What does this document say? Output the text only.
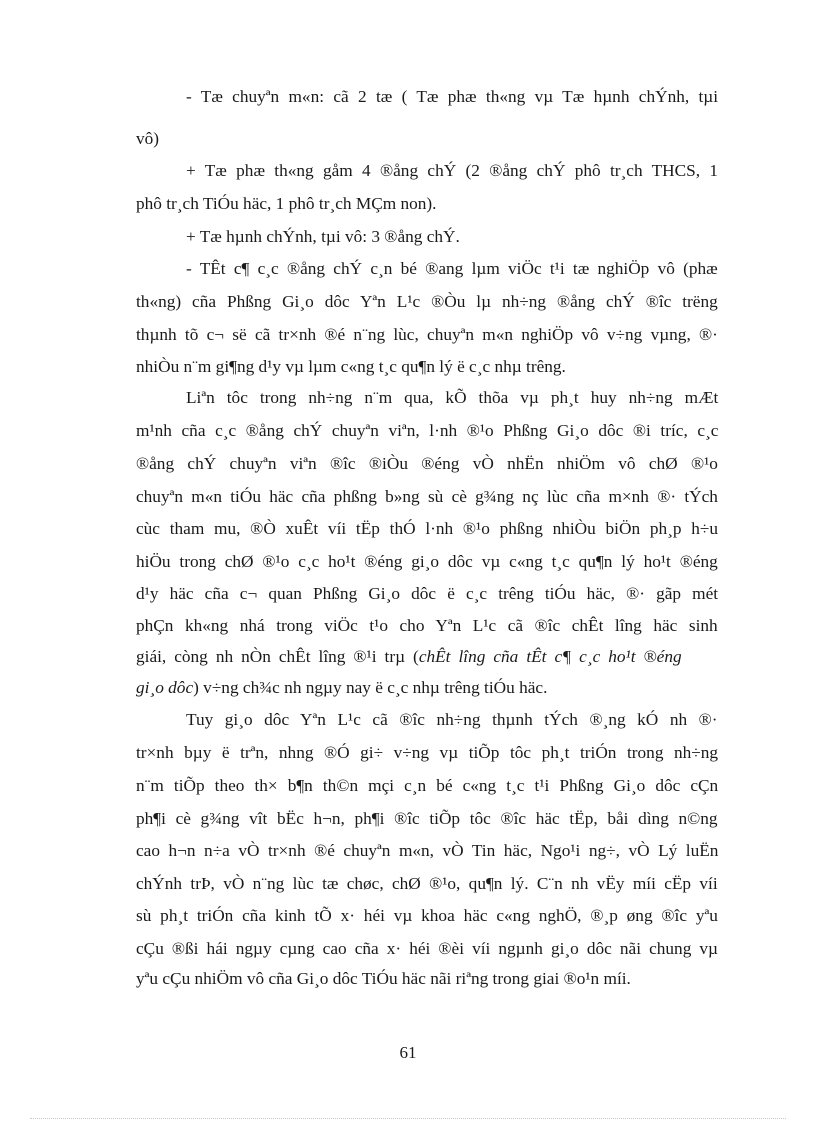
- Tæ chuyªn m«n: cã 2 tæ ( Tæ phæ th«ng vµ Tæ hµnh chÝnh, tµi
vô)
+ Tæ phæ th«ng gåm 4 ®ång chÝ (2 ®ång chÝ phô tr¸ch THCS, 1
phô tr¸ch TiÓu häc, 1 phô tr¸ch MÇm non).
+ Tæ hµnh chÝnh, tµi vô: 3 ®ång chÝ.
- TÊt c¶ c¸c ®ång chÝ c¸n bé ®ang lµm viÖc t¹i tæ nghiÖp vô (phæ
th«ng) cña Phßng Gi¸o dôc Yªn L¹c ®Òu lµ nh÷ng ®ång chÝ ®îc trëng
thµnh tõ c¬ së cã tr×nh ®é n¨ng lùc, chuyªn m«n nghiÖp vô v÷ng vµng, ®·
nhiÒu n¨m gi¶ng d¹y vµ lµm c«ng t¸c qu¶n lý ë c¸c nhµ trêng.
Liªn tôc trong nh÷ng n¨m qua, kÕ thõa vµ ph¸t huy nh÷ng mÆt
m¹nh cña c¸c ®ång chÝ chuyªn viªn, l·nh ®¹o Phßng Gi¸o dôc ®i tríc, c¸c
®ång chÝ chuyªn viªn ®îc ®iÒu ®éng vÒ nhËn nhiÖm vô chØ ®¹o
chuyªn m«n tiÓu häc cña phßng b»ng sù cè g¾ng nç lùc cña m×nh ®· tÝch
cùc tham mu, ®Ò xuÊt víi tËp thÓ l·nh ®¹o phßng nhiÒu biÖn ph¸p h÷u
hiÖu trong chØ ®¹o c¸c ho¹t ®éng gi¸o dôc vµ c«ng t¸c qu¶n lý ho¹t ®éng
d¹y häc cña c¬ quan Phßng Gi¸o dôc ë c¸c trêng tiÓu häc, ®· gãp mét
phÇn kh«ng nhá trong viÖc t¹o cho Yªn L¹c cã ®îc chÊt lîng häc sinh
giái, còng nh nÒn chÊt lîng ®¹i trµ (chÊt lîng cña tÊt c¶ c¸c ho¹t ®éng
gi¸o dôc) v÷ng ch¾c nh ngµy nay ë c¸c nhµ trêng tiÓu häc.
Tuy gi¸o dôc Yªn L¹c cã ®îc nh÷ng thµnh tÝch ®¸ng kÓ nh ®·
tr×nh bµy ë trªn, nhng ®Ó gi÷ v÷ng vµ tiÕp tôc ph¸t triÓn trong nh÷ng
n¨m tiÕp theo th× b¶n th©n mçi c¸n bé c«ng t¸c t¹i Phßng Gi¸o dôc cÇn
ph¶i cè g¾ng vît bËc h¬n, ph¶i ®îc tiÕp tôc ®îc häc tËp, båi dìng n©ng
cao h¬n n÷a vÒ tr×nh ®é chuyªn m«n, vÒ Tin häc, Ngo¹i ng÷, vÒ Lý luËn
chÝnh trÞ, vÒ n¨ng lùc tæ chøc, chØ ®¹o, qu¶n lý. C¨n nh vËy míi cËp víi
sù ph¸t triÓn cña kinh tÕ x· héi vµ khoa häc c«ng nghÖ, ®¸p øng ®îc yªu
cÇu ®ßi hái ngµy cµng cao cña x· héi ®èi víi ngµnh gi¸o dôc nãi chung vµ
yªu cÇu nhiÖm vô cña Gi¸o dôc TiÓu häc nãi riªng trong giai ®o¹n míi.
61
